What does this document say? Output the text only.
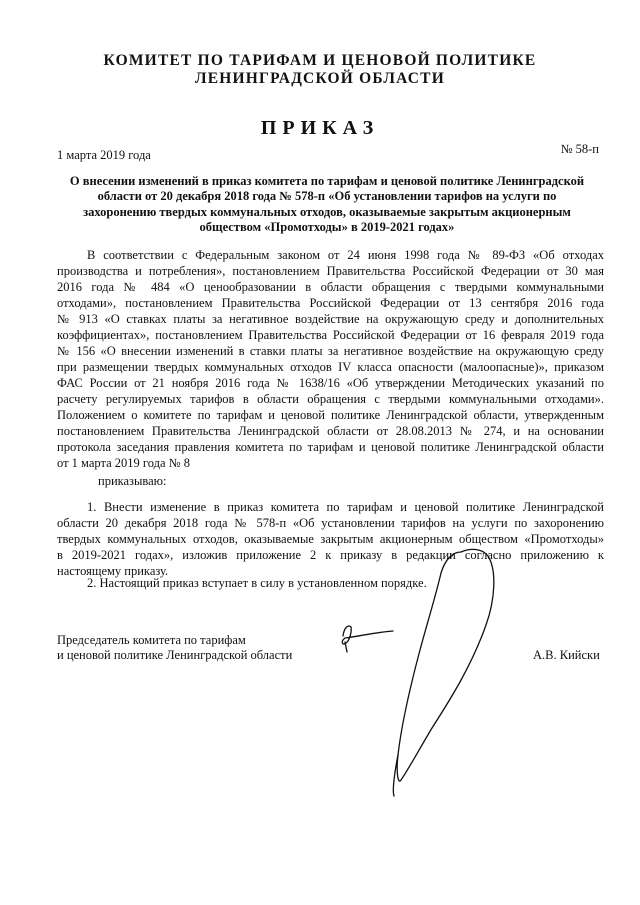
КОМИТЕТ ПО ТАРИФАМ И ЦЕНОВОЙ ПОЛИТИКЕ
ЛЕНИНГРАДСКОЙ ОБЛАСТИ
ПРИКАЗ
1 марта 2019 года	№ 58-п
О внесении изменений в приказ комитета по тарифам и ценовой политике Ленинградской
области от 20 декабря 2018 года № 578-п «Об установлении тарифов на услуги по
захоронению твердых коммунальных отходов, оказываемые закрытым акционерным
обществом «Промотходы» в 2019-2021 годах»
В соответствии с Федеральным законом от 24 июня 1998 года № 89-ФЗ «Об отходах
производства и потребления», постановлением Правительства Российской Федерации от 30 мая
2016 года № 484 «О ценообразовании в области обращения с твердыми коммунальными
отходами», постановлением Правительства Российской Федерации от 13 сентября 2016 года
№ 913 «О ставках платы за негативное воздействие на окружающую среду и дополнительных
коэффициентах», постановлением Правительства Российской Федерации от 16 февраля 2019 года
№ 156 «О внесении изменений в ставки платы за негативное воздействие на окружающую среду
при размещении твердых коммунальных отходов IV класса опасности (малоопасные)», приказом
ФАС России от 21 ноября 2016 года № 1638/16 «Об утверждении Методических указаний по
расчету регулируемых тарифов в области обращения с твердыми коммунальными отходами».
Положением о комитете по тарифам и ценовой политике Ленинградской области, утвержденным
постановлением Правительства Ленинградской области от 28.08.2013 № 274, и на основании
протокола заседания правления комитета по тарифам и ценовой политике Ленинградской области
от 1 марта 2019 года № 8
приказываю:
1. Внести изменение в приказ комитета по тарифам и ценовой политике Ленинградской
области 20 декабря 2018 года № 578-п «Об установлении тарифов на услуги по захоронению
твердых коммунальных отходов, оказываемые закрытым акционерным обществом «Промотходы»
в 2019-2021 годах», изложив приложение 2 к приказу в редакции согласно приложению к
настоящему приказу.
2. Настоящий приказ вступает в силу в установленном порядке.
Председатель комитета по тарифам
и ценовой политике Ленинградской области	А.В. Кийски
